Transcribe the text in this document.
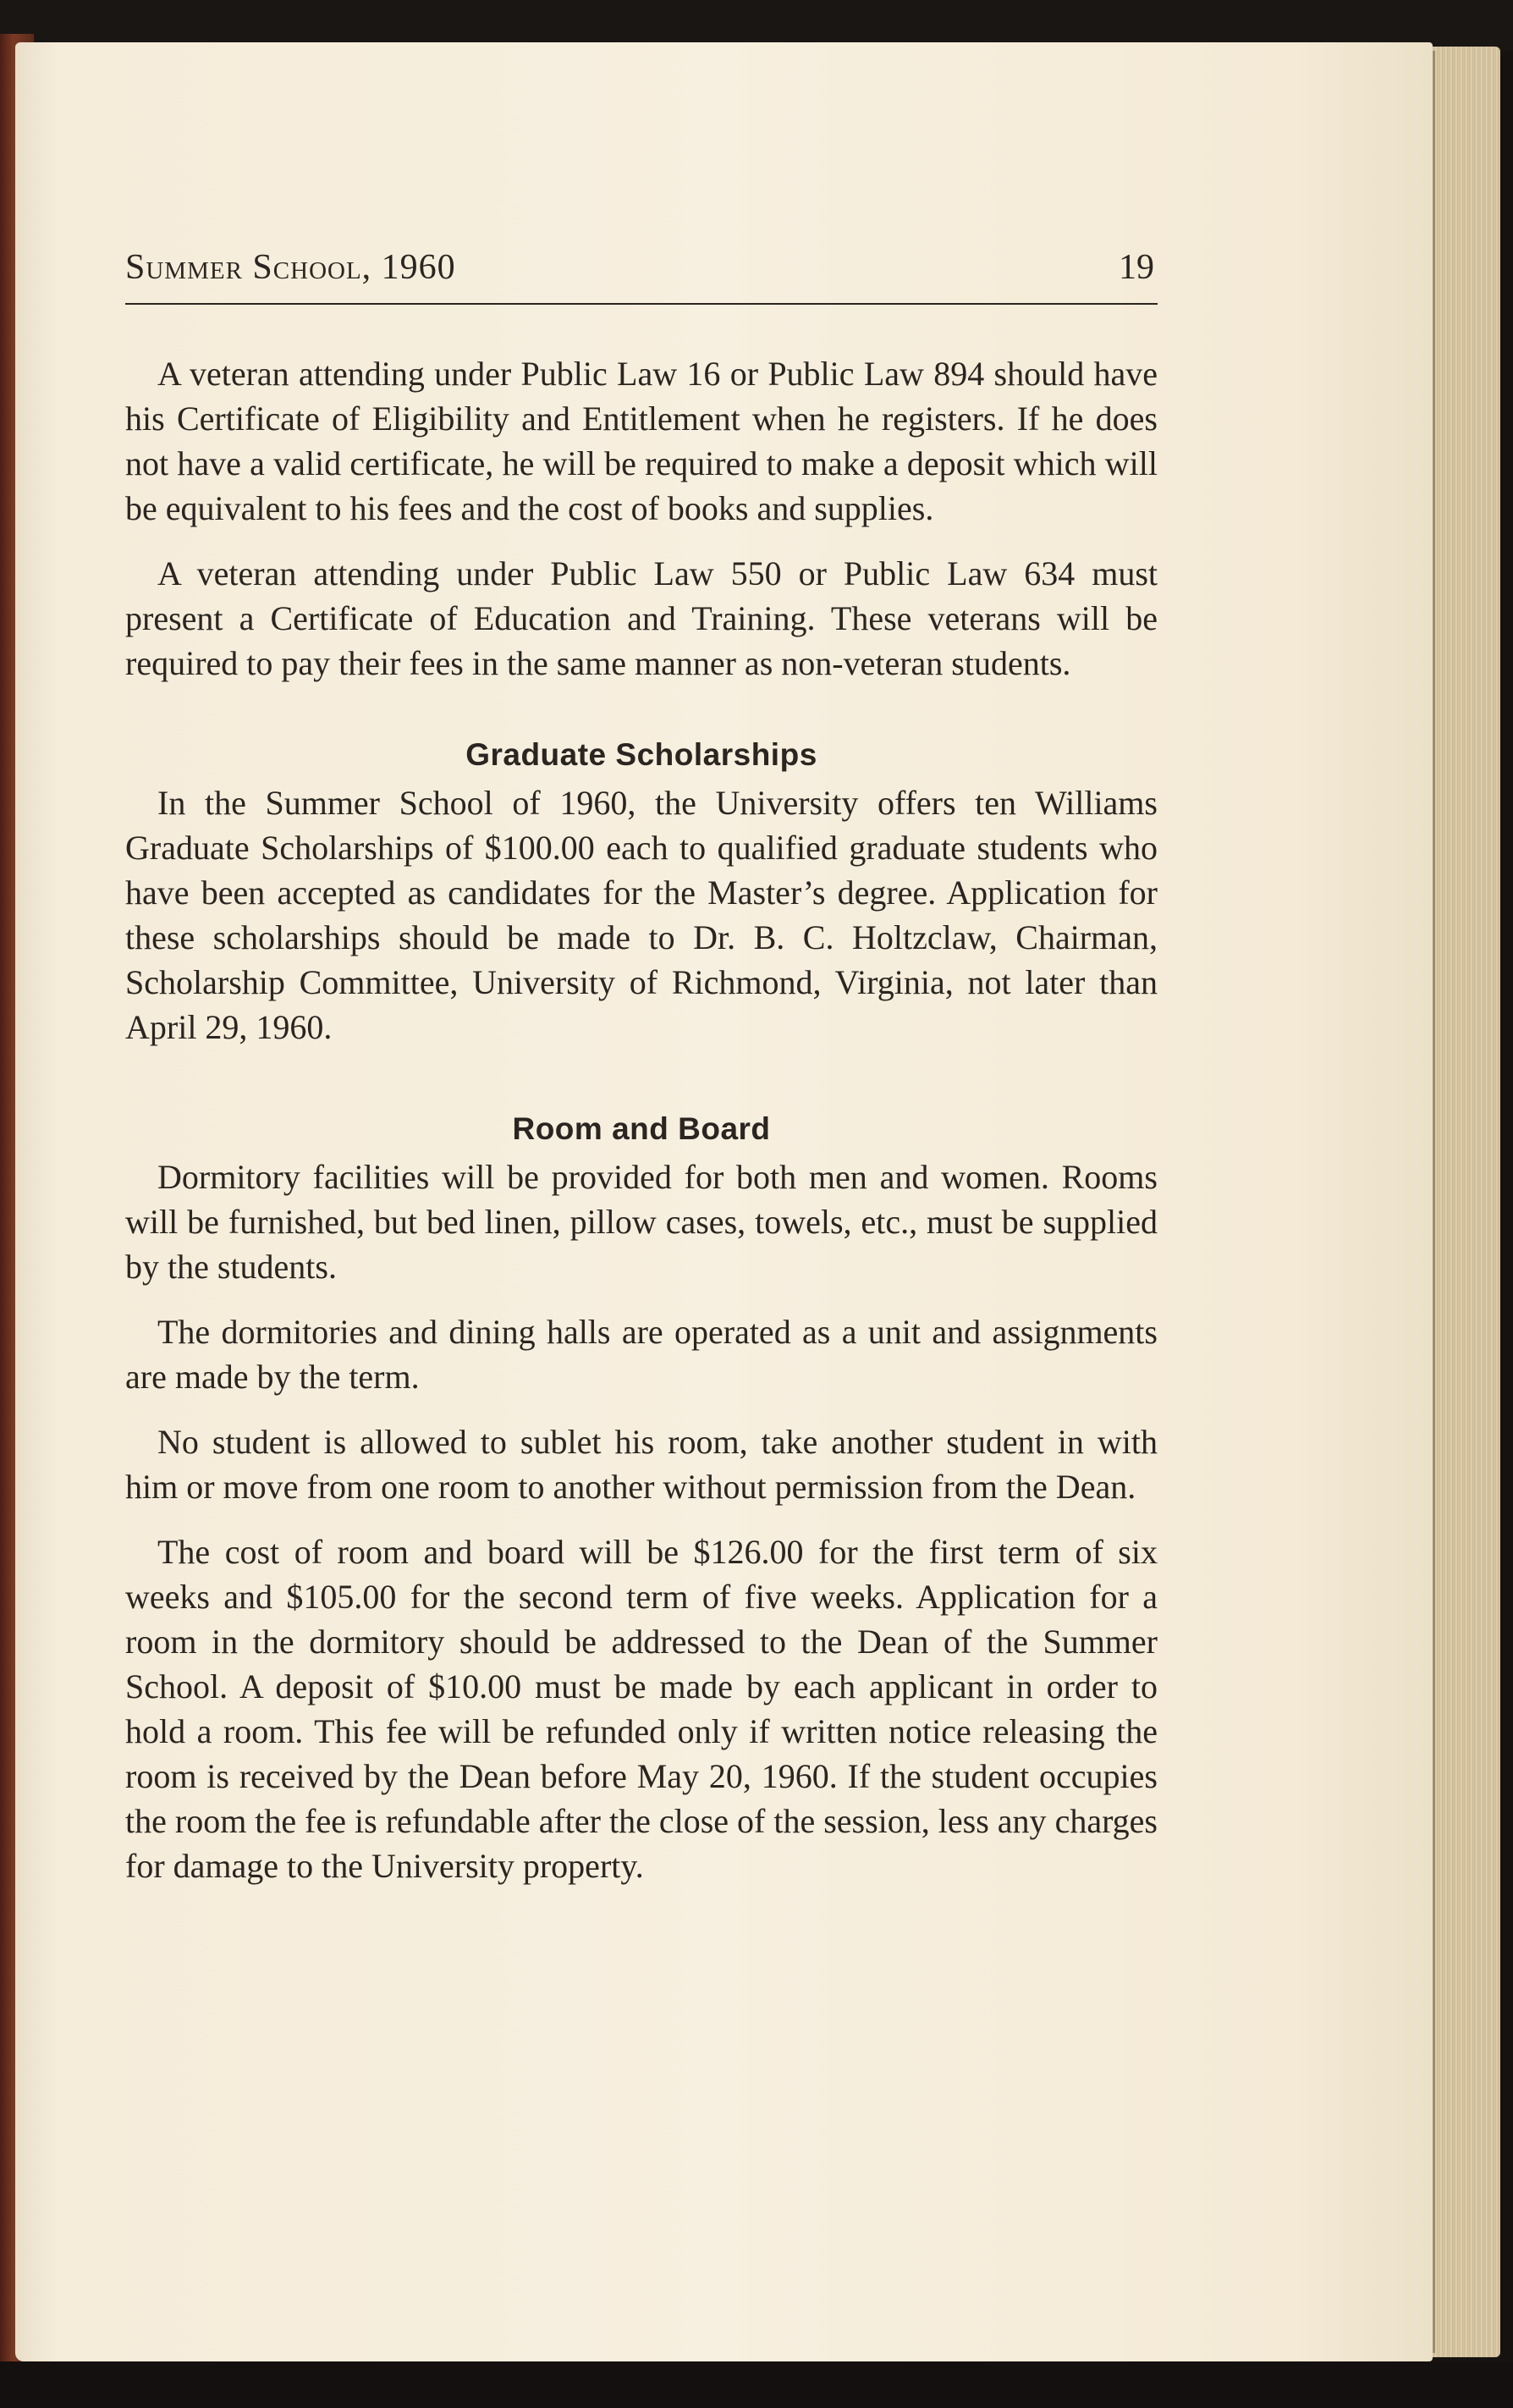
Summer School, 1960	19

A veteran attending under Public Law 16 or Public Law 894 should have his Certificate of Eligibility and Entitlement when he registers. If he does not have a valid certificate, he will be required to make a deposit which will be equivalent to his fees and the cost of books and supplies.

A veteran attending under Public Law 550 or Public Law 634 must present a Certificate of Education and Training. These veterans will be required to pay their fees in the same manner as non-veteran students.

Graduate Scholarships

In the Summer School of 1960, the University offers ten Williams Graduate Scholarships of $100.00 each to qualified graduate students who have been accepted as candidates for the Master’s degree. Application for these scholarships should be made to Dr. B. C. Holtzclaw, Chairman, Scholarship Committee, University of Richmond, Virginia, not later than April 29, 1960.

Room and Board

Dormitory facilities will be provided for both men and women. Rooms will be furnished, but bed linen, pillow cases, towels, etc., must be supplied by the students.

The dormitories and dining halls are operated as a unit and assignments are made by the term.

No student is allowed to sublet his room, take another student in with him or move from one room to another without permission from the Dean.

The cost of room and board will be $126.00 for the first term of six weeks and $105.00 for the second term of five weeks. Application for a room in the dormitory should be addressed to the Dean of the Summer School. A deposit of $10.00 must be made by each applicant in order to hold a room. This fee will be refunded only if written notice releasing the room is received by the Dean before May 20, 1960. If the student occupies the room the fee is refundable after the close of the session, less any charges for damage to the University property.
